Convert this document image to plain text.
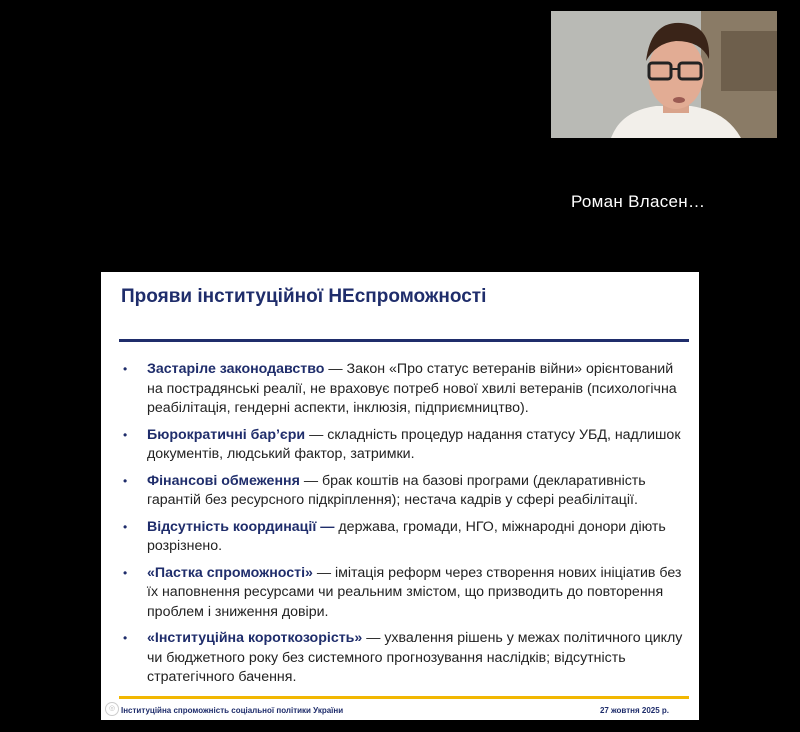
Роман Власен…
Прояви інституційної НЕспроможності
• Застаріле законодавство — Закон «Про статус ветеранів війни» орієнтований на пострадянські реалії, не враховує потреб нової хвилі ветеранів (психологічна реабілітація, гендерні аспекти, інклюзія, підприємництво).
• Бюрократичні бар’єри — складність процедур надання статусу УБД, надлишок документів, людський фактор, затримки.
• Фінансові обмеження — брак коштів на базові програми (декларативність гарантій без ресурсного підкріплення); нестача кадрів у сфері реабілітації.
• Відсутність координації — держава, громади, НГО, міжнародні донори діють розрізнено.
• «Пастка спроможності» — імітація реформ через створення нових ініціатив без їх наповнення ресурсами чи реальним змістом, що призводить до повторення проблем і зниження довіри.
• «Інституційна короткозорість» — ухвалення рішень у межах політичного циклу чи бюджетного року без системного прогнозування наслідків; відсутність стратегічного бачення.
◎ Інституційна спроможність соціальної політики України	27 жовтня 2025 р.
